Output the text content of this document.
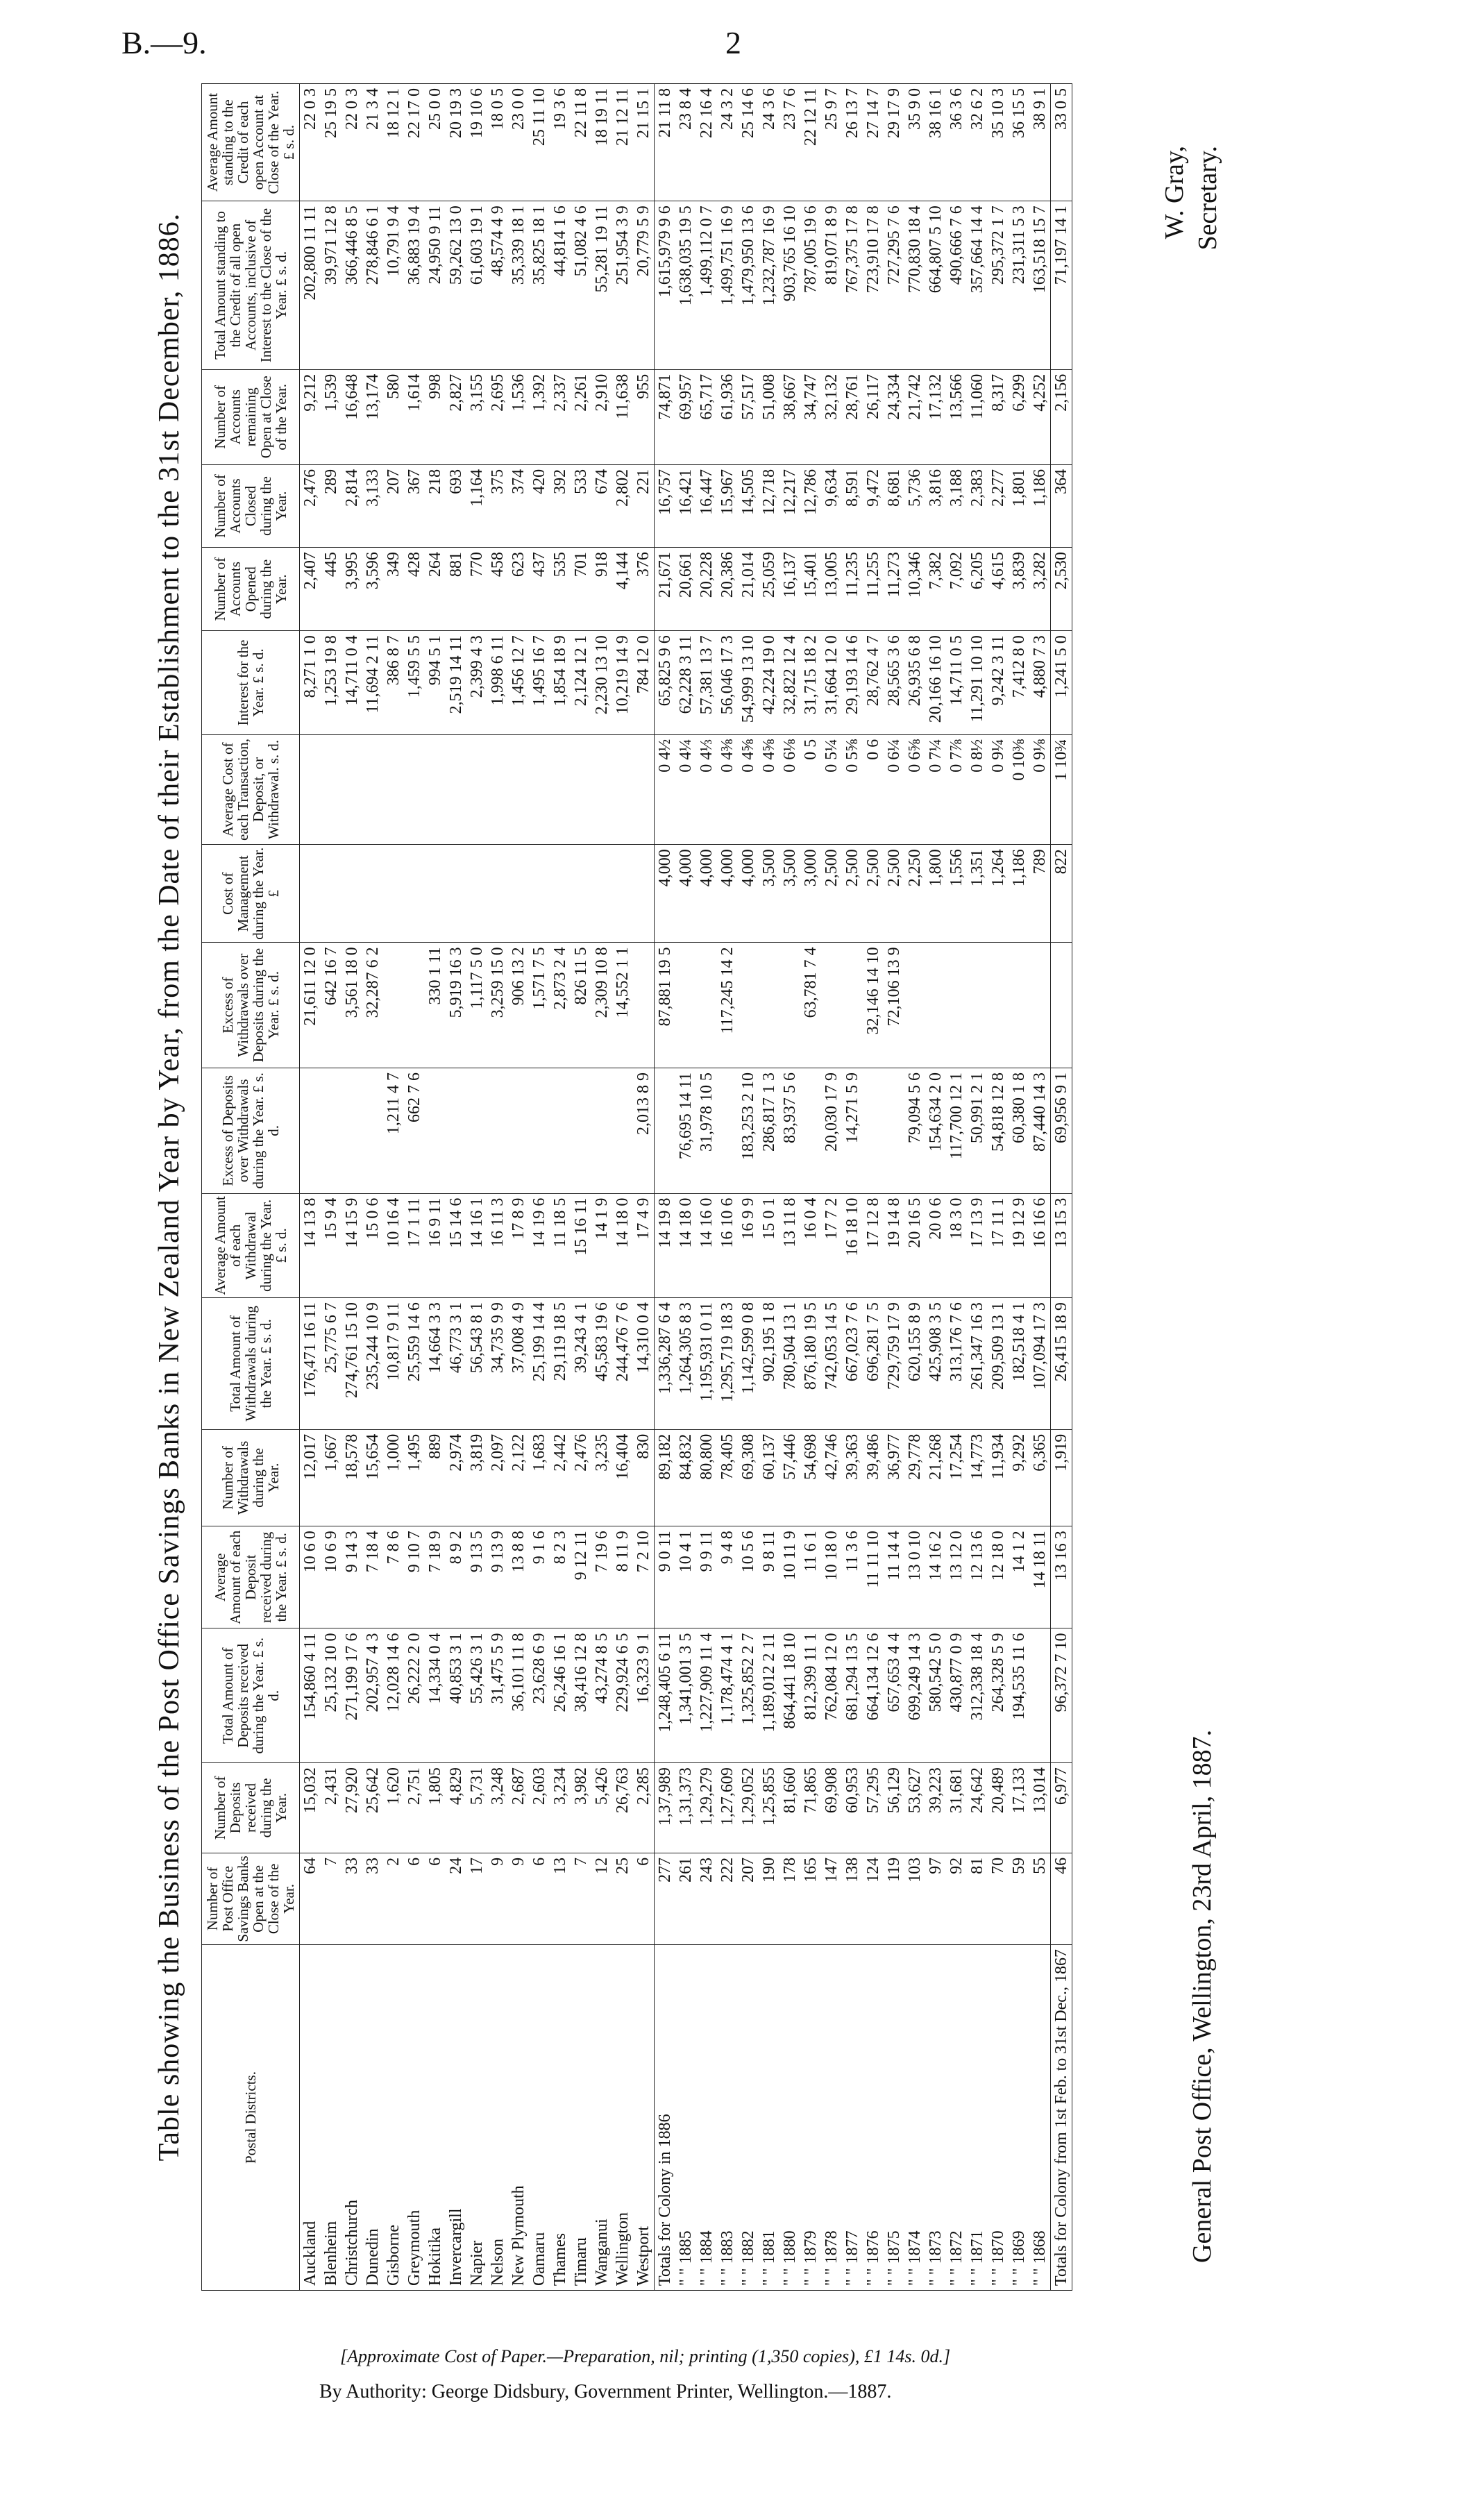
B.—9.	2
Table showing the Business of the Post Office Savings Banks in New Zealand Year by Year, from the Date of their Establishment to the 31st December, 1886.	Postal Districts.	Number of Post Office Savings Banks Open at the Close of the Year.	Number of Deposits received during the Year.	Total Amount of Deposits received during the Year. £ s. d.	Average Amount of each Deposit received during the Year. £ s. d.	Number of Withdrawals during the Year.	Total Amount of Withdrawals during the Year. £ s. d.	Average Amount of each Withdrawal during the Year. £ s. d.	Excess of Deposits over Withdrawals during the Year. £ s. d.	Excess of Withdrawals over Deposits during the Year. £ s. d.	Cost of Management during the Year. £	Average Cost of each Transaction, Deposit, or Withdrawal. s. d.	Interest for the Year. £ s. d.	Number of Accounts Opened during the Year.	Number of Accounts Closed during the Year.	Number of Accounts remaining Open at Close of the Year.	Total Amount standing to the Credit of all open Accounts, inclusive of Interest to the Close of the Year. £ s. d.	Average Amount standing to the Credit of each open Account at Close of the Year. £ s. d.
Auckland	64	15,032	154,860 4 11	10 6 0	12,017	176,471 16 11	14 13 8		21,611 12 0			8,271 1 0	2,407	2,476	9,212	202,800 11 11	22 0 3
Blenheim	7	2,431	25,132 10 0	10 6 9	1,667	25,775 6 7	15 9 4		642 16 7			1,253 19 8	445	289	1,539	39,971 12 8	25 19 5
Christchurch	33	27,920	271,199 17 6	9 14 3	18,578	274,761 15 10	14 15 9		3,561 18 0			14,711 0 4	3,995	2,814	16,648	366,446 8 5	22 0 3
Dunedin	33	25,642	202,957 4 3	7 18 4	15,654	235,244 10 9	15 0 6		32,287 6 2			11,694 2 11	3,596	3,133	13,174	278,846 6 1	21 3 4
Gisborne	2	1,620	12,028 14 6	7 8 6	1,000	10,817 9 11	10 16 4	1,211 4 7				386 8 7	349	207	580	10,791 9 4	18 12 1
Greymouth	6	2,751	26,222 2 0	9 10 7	1,495	25,559 14 6	17 1 11	662 7 6				1,459 5 5	428	367	1,614	36,883 19 4	22 17 0
Hokitika	6	1,805	14,334 0 4	7 18 9	889	14,664 3 3	16 9 11		330 1 11			994 5 1	264	218	998	24,950 9 11	25 0 0
Invercargill	24	4,829	40,853 3 1	8 9 2	2,974	46,773 3 1	15 14 6		5,919 16 3			2,519 14 11	881	693	2,827	59,262 13 0	20 19 3
Napier	17	5,731	55,426 3 1	9 13 5	3,819	56,543 8 1	14 16 1		1,117 5 0			2,399 4 3	770	1,164	3,155	61,603 19 1	19 10 6
Nelson	9	3,248	31,475 5 9	9 13 9	2,097	34,735 9 9	16 11 3		3,259 15 0			1,998 6 11	458	375	2,695	48,574 4 9	18 0 5
New Plymouth	9	2,687	36,101 11 8	13 8 8	2,122	37,008 4 9	17 8 9		906 13 2			1,456 12 7	623	374	1,536	35,339 18 1	23 0 0
Oamaru	6	2,603	23,628 6 9	9 1 6	1,683	25,199 14 4	14 19 6		1,571 7 5			1,495 16 7	437	420	1,392	35,825 18 1	25 11 10
Thames	13	3,234	26,246 16 1	8 2 3	2,442	29,119 18 5	11 18 5		2,873 2 4			1,854 18 9	535	392	2,337	44,814 1 6	19 3 6
Timaru	7	3,982	38,416 12 8	9 12 11	2,476	39,243 4 1	15 16 11		826 11 5			2,124 12 1	701	533	2,261	51,082 4 6	22 11 8
Wanganui	12	5,426	43,274 8 5	7 19 6	3,235	45,583 19 6	14 1 9		2,309 10 8			2,230 13 10	918	674	2,910	55,281 19 11	18 19 11
Wellington	25	26,763	229,924 6 5	8 11 9	16,404	244,476 7 6	14 18 0		14,552 1 1			10,219 14 9	4,144	2,802	11,638	251,954 3 9	21 12 11
Westport	6	2,285	16,323 9 1	7 2 10	830	14,310 0 4	17 4 9	2,013 8 9				784 12 0	376	221	955	20,779 5 9	21 15 1
Totals for Colony in 1886	277	1,37,989	1,248,405 6 11	9 0 11	89,182	1,336,287 6 4	14 19 8		87,881 19 5	4,000	0 4½	65,825 9 6	21,671	16,757	74,871	1,615,979 9 6	21 11 8
" " 1885	261	1,31,373	1,341,001 3 5	10 4 1	84,832	1,264,305 8 3	14 18 0	76,695 14 11		4,000	0 4¼	62,228 3 11	20,661	16,421	69,957	1,638,035 19 5	23 8 4
" " 1884	243	1,29,279	1,227,909 11 4	9 9 11	80,800	1,195,931 0 11	14 16 0	31,978 10 5		4,000	0 4⅓	57,381 13 7	20,228	16,447	65,717	1,499,112 0 7	22 16 4
" " 1883	222	1,27,609	1,178,474 4 1	9 4 8	78,405	1,295,719 18 3	16 10 6		117,245 14 2	4,000	0 4⅜	56,046 17 3	20,386	15,967	61,936	1,499,751 16 9	24 3 2
" " 1882	207	1,29,052	1,325,852 2 7	10 5 6	69,308	1,142,599 0 8	16 9 9	183,253 2 10		4,000	0 4⅝	54,999 13 10	21,014	14,505	57,517	1,479,950 13 6	25 14 6
" " 1881	190	1,25,855	1,189,012 2 11	9 8 11	60,137	902,195 1 8	15 0 1	286,817 1 3		3,500	0 4⅝	42,224 19 0	25,059	12,718	51,008	1,232,787 16 9	24 3 6
" " 1880	178	81,660	864,441 18 10	10 11 9	57,446	780,504 13 1	13 11 8	83,937 5 6		3,500	0 6⅛	32,822 12 4	16,137	12,217	38,667	903,765 16 10	23 7 6
" " 1879	165	71,865	812,399 11 1	11 6 1	54,698	876,180 19 5	16 0 4		63,781 7 4	3,000	0 5	31,715 18 2	15,401	12,786	34,747	787,005 19 6	22 12 11
" " 1878	147	69,908	762,084 12 0	10 18 0	42,746	742,053 14 5	17 7 2	20,030 17 9		2,500	0 5¼	31,664 12 0	13,005	9,634	32,132	819,071 8 9	25 9 7
" " 1877	138	60,953	681,294 13 5	11 3 6	39,363	667,023 7 6	16 18 10	14,271 5 9		2,500	0 5⅝	29,193 14 6	11,235	8,591	28,761	767,375 17 8	26 13 7
" " 1876	124	57,295	664,134 12 6	11 11 10	39,486	696,281 7 5	17 12 8		32,146 14 10	2,500	0 6	28,762 4 7	11,255	9,472	26,117	723,910 17 8	27 14 7
" " 1875	119	56,129	657,653 4 4	11 14 4	36,977	729,759 17 9	19 14 8		72,106 13 9	2,500	0 6¼	28,565 3 6	11,273	8,681	24,334	727,295 7 6	29 17 9
" " 1874	103	53,627	699,249 14 3	13 0 10	29,778	620,155 8 9	20 16 5	79,094 5 6		2,250	0 6⅝	26,935 6 8	10,346	5,736	21,742	770,830 18 4	35 9 0
" " 1873	97	39,223	580,542 5 0	14 16 2	21,268	425,908 3 5	20 0 6	154,634 2 0		1,800	0 7¼	20,166 16 10	7,382	3,816	17,132	664,807 5 10	38 16 1
" " 1872	92	31,681	430,877 0 9	13 12 0	17,254	313,176 7 6	18 3 0	117,700 12 1		1,556	0 7⅞	14,711 0 5	7,092	3,188	13,566	490,666 7 6	36 3 6
" " 1871	81	24,642	312,338 18 4	12 13 6	14,773	261,347 16 3	17 13 9	50,991 2 1		1,351	0 8½	11,291 10 10	6,205	2,383	11,060	357,664 14 4	32 6 2
" " 1870	70	20,489	264,328 5 9	12 18 0	11,934	209,509 13 1	17 11 1	54,818 12 8		1,264	0 9¼	9,242 3 11	4,615	2,277	8,317	295,372 1 7	35 10 3
" " 1869	59	17,133	194,535 11 6	14 1 2	9,292	182,518 4 1	19 12 9	60,380 1 8		1,186	0 10⅜	7,412 8 0	3,839	1,801	6,299	231,311 5 3	36 15 5
" " 1868	55	13,014		14 18 11	6,365	107,094 17 3	16 16 6	87,440 14 3		789	0 9⅛	4,880 7 3	3,282	1,186	4,252	163,518 15 7	38 9 1
Totals for Colony from 1st Feb. to 31st Dec., 1867	46	6,977	96,372 7 10	13 16 3	1,919	26,415 18 9	13 15 3	69,956 9 1		822	1 10¾	1,241 5 0	2,530	364	2,156	71,197 14 1	33 0 5
General Post Office, Wellington, 23rd April, 1887.
W. Gray, Secretary.
[Approximate Cost of Paper.—Preparation, nil; printing (1,350 copies), £1 14s. 0d.]
By Authority: George Didsbury, Government Printer, Wellington.—1887.
